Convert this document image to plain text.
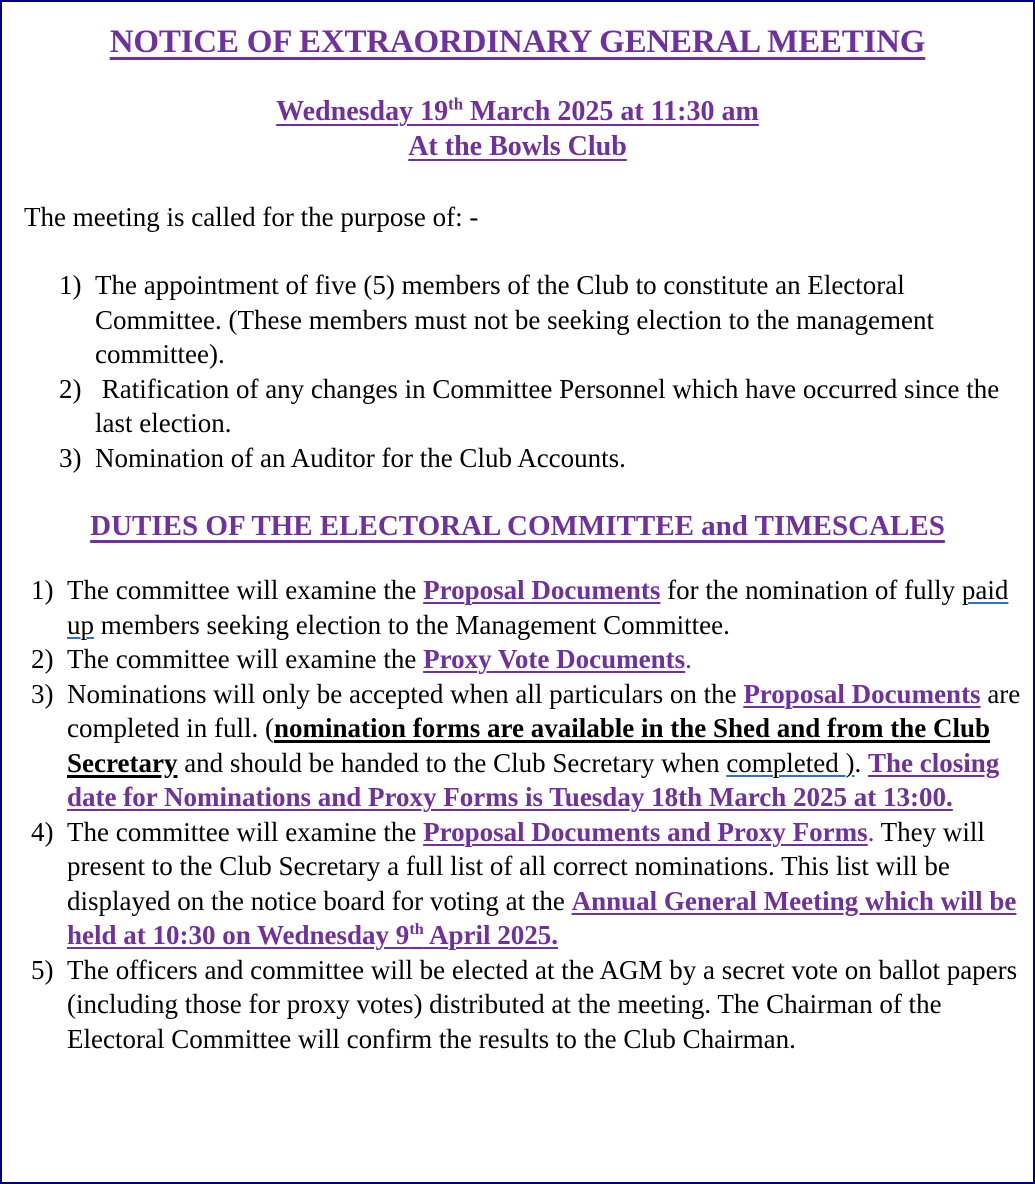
NOTICE OF EXTRAORDINARY GENERAL MEETING
Wednesday 19th March 2025 at 11:30 am
At the Bowls Club
The meeting is called for the purpose of: -
1) The appointment of five (5) members of the Club to constitute an Electoral Committee. (These members must not be seeking election to the management committee).
2) Ratification of any changes in Committee Personnel which have occurred since the last election.
3) Nomination of an Auditor for the Club Accounts.
DUTIES OF THE ELECTORAL COMMITTEE and TIMESCALES
1) The committee will examine the Proposal Documents for the nomination of fully paid up members seeking election to the Management Committee.
2) The committee will examine the Proxy Vote Documents.
3) Nominations will only be accepted when all particulars on the Proposal Documents are completed in full. (nomination forms are available in the Shed and from the Club Secretary and should be handed to the Club Secretary when completed ). The closing date for Nominations and Proxy Forms is Tuesday 18th March 2025 at 13:00.
4) The committee will examine the Proposal Documents and Proxy Forms. They will present to the Club Secretary a full list of all correct nominations. This list will be displayed on the notice board for voting at the Annual General Meeting which will be held at 10:30 on Wednesday 9th April 2025.
5) The officers and committee will be elected at the AGM by a secret vote on ballot papers (including those for proxy votes) distributed at the meeting. The Chairman of the Electoral Committee will confirm the results to the Club Chairman.
